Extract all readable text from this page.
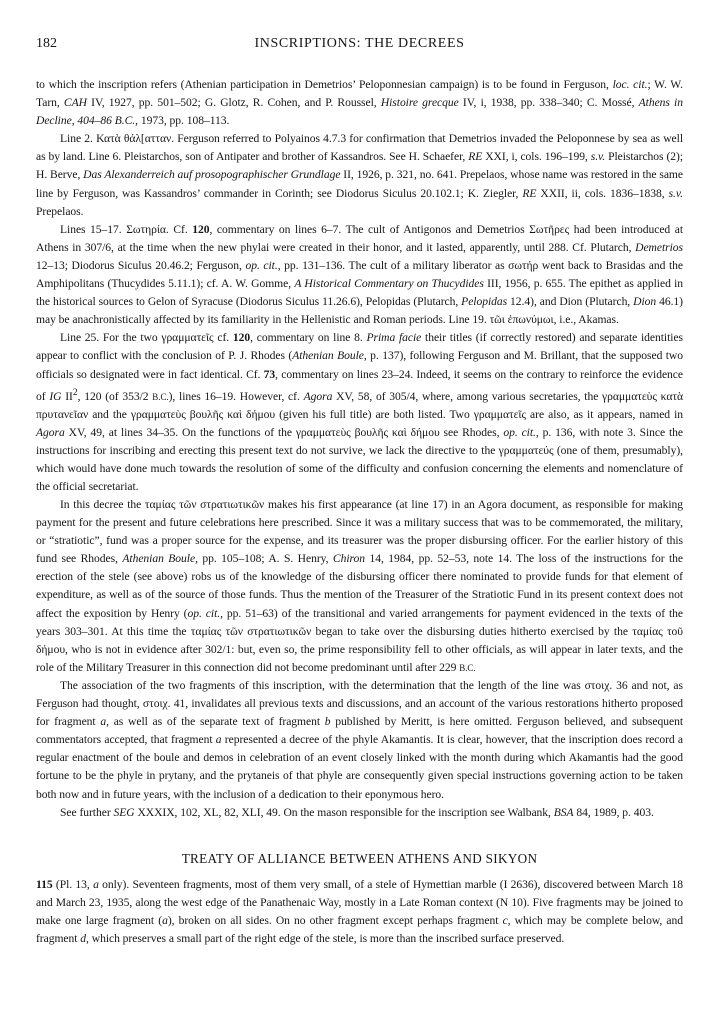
182	INSCRIPTIONS: THE DECREES

to which the inscription refers (Athenian participation in Demetrios’ Peloponnesian campaign) is to be found in Ferguson, loc. cit.; W. W. Tarn, CAH IV, 1927, pp. 501–502; G. Glotz, R. Cohen, and P. Roussel, Histoire grecque IV, i, 1938, pp. 338–340; C. Mossé, Athens in Decline, 404–86 B.C., 1973, pp. 108–113.

Line 2. Κατὰ θάλ[ατταν. Ferguson referred to Polyainos 4.7.3 for confirmation that Demetrios invaded the Peloponnese by sea as well as by land. Line 6. Pleistarchos, son of Antipater and brother of Kassandros. See H. Schaefer, RE XXI, i, cols. 196–199, s.v. Pleistarchos (2); H. Berve, Das Alexanderreich auf prosopographischer Grundlage II, 1926, p. 321, no. 641. Prepelaos, whose name was restored in the same line by Ferguson, was Kassandros’ commander in Corinth; see Diodorus Siculus 20.102.1; K. Ziegler, RE XXII, ii, cols. 1836–1838, s.v. Prepelaos.

Lines 15–17. Σωτηρία. Cf. 120, commentary on lines 6–7. The cult of Antigonos and Demetrios Σωτῆρες had been introduced at Athens in 307/6, at the time when the new phylai were created in their honor, and it lasted, apparently, until 288. Cf. Plutarch, Demetrios 12–13; Diodorus Siculus 20.46.2; Ferguson, op. cit., pp. 131–136. The cult of a military liberator as σωτήρ went back to Brasidas and the Amphipolitans (Thucydides 5.11.1); cf. A. W. Gomme, A Historical Commentary on Thucydides III, 1956, p. 655. The epithet as applied in the historical sources to Gelon of Syracuse (Diodorus Siculus 11.26.6), Pelopidas (Plutarch, Pelopidas 12.4), and Dion (Plutarch, Dion 46.1) may be anachronistically affected by its familiarity in the Hellenistic and Roman periods. Line 19. τῶι ἐπωνύμωι, i.e., Akamas.

Line 25. For the two γραμματεῖς cf. 120, commentary on line 8. Prima facie their titles (if correctly restored) and separate identities appear to conflict with the conclusion of P. J. Rhodes (Athenian Boule, p. 137), following Ferguson and M. Brillant, that the supposed two officials so designated were in fact identical. Cf. 73, commentary on lines 23–24. Indeed, it seems on the contrary to reinforce the evidence of IG $II^2$, 120 (of 353/2 B.C.), lines 16–19. However, cf. Agora XV, 58, of 305/4, where, among various secretaries, the γραμματεὺς κατὰ πρυτανεῖαν and the γραμματεὺς βουλῆς καὶ δήμου (given his full title) are both listed. Two γραμματεῖς are also, as it appears, named in Agora XV, 49, at lines 34–35. On the functions of the γραμματεὺς βουλῆς καὶ δήμου see Rhodes, op. cit., p. 136, with note 3. Since the instructions for inscribing and erecting this present text do not survive, we lack the directive to the γραμματεύς (one of them, presumably), which would have done much towards the resolution of some of the difficulty and confusion concerning the elements and nomenclature of the official secretariat.

In this decree the ταμίας τῶν στρατιωτικῶν makes his first appearance (at line 17) in an Agora document, as responsible for making payment for the present and future celebrations here prescribed. Since it was a military success that was to be commemorated, the military, or “stratiotic”, fund was a proper source for the expense, and its treasurer was the proper disbursing officer. For the earlier history of this fund see Rhodes, Athenian Boule, pp. 105–108; A. S. Henry, Chiron 14, 1984, pp. 52–53, note 14. The loss of the instructions for the erection of the stele (see above) robs us of the knowledge of the disbursing officer there nominated to provide funds for that element of expenditure, as well as of the source of those funds. Thus the mention of the Treasurer of the Stratiotic Fund in its present context does not affect the exposition by Henry (op. cit., pp. 51–63) of the transitional and varied arrangements for payment evidenced in the texts of the years 303–301. At this time the ταμίας τῶν στρατιωτικῶν began to take over the disbursing duties hitherto exercised by the ταμίας τοῦ δήμου, who is not in evidence after 302/1: but, even so, the prime responsibility fell to other officials, as will appear in later texts, and the role of the Military Treasurer in this connection did not become predominant until after 229 B.C.

The association of the two fragments of this inscription, with the determination that the length of the line was στοιχ. 36 and not, as Ferguson had thought, στοιχ. 41, invalidates all previous texts and discussions, and an account of the various restorations hitherto proposed for fragment a, as well as of the separate text of fragment b published by Meritt, is here omitted. Ferguson believed, and subsequent commentators accepted, that fragment a represented a decree of the phyle Akamantis. It is clear, however, that the inscription does record a regular enactment of the boule and demos in celebration of an event closely linked with the month during which Akamantis had the good fortune to be the phyle in prytany, and the prytaneis of that phyle are consequently given special instructions governing action to be taken both now and in future years, with the inclusion of a dedication to their eponymous hero.

See further SEG XXXIX, 102, XL, 82, XLI, 49. On the mason responsible for the inscription see Walbank, BSA 84, 1989, p. 403.

TREATY OF ALLIANCE BETWEEN ATHENS AND SIKYON

115 (Pl. 13, a only). Seventeen fragments, most of them very small, of a stele of Hymettian marble (I 2636), discovered between March 18 and March 23, 1935, along the west edge of the Panathenaic Way, mostly in a Late Roman context (N 10). Five fragments may be joined to make one large fragment (a), broken on all sides. On no other fragment except perhaps fragment c, which may be complete below, and fragment d, which preserves a small part of the right edge of the stele, is more than the inscribed surface preserved.
